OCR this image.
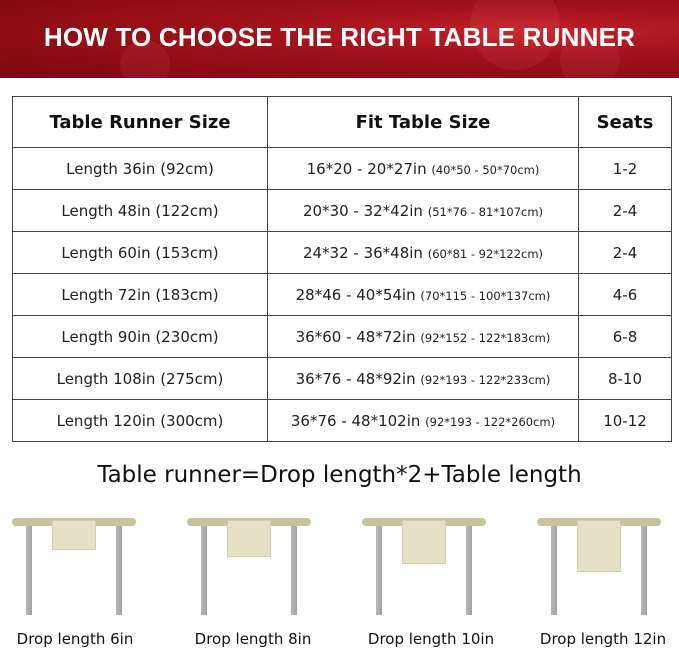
HOW TO CHOOSE THE RIGHT TABLE RUNNER
Table Runner Size	Fit Table Size	Seats
Length 36in (92cm)	16*20 - 20*27in (40*50 - 50*70cm)	1-2
Length 48in (122cm)	20*30 - 32*42in (51*76 - 81*107cm)	2-4
Length 60in (153cm)	24*32 - 36*48in (60*81 - 92*122cm)	2-4
Length 72in (183cm)	28*46 - 40*54in (70*115 - 100*137cm)	4-6
Length 90in (230cm)	36*60 - 48*72in (92*152 - 122*183cm)	6-8
Length 108in (275cm)	36*76 - 48*92in (92*193 - 122*233cm)	8-10
Length 120in (300cm)	36*76 - 48*102in (92*193 - 122*260cm)	10-12
Table runner=Drop length*2+Table length
Drop length 6in	Drop length 8in	Drop length 10in	Drop length 12in
